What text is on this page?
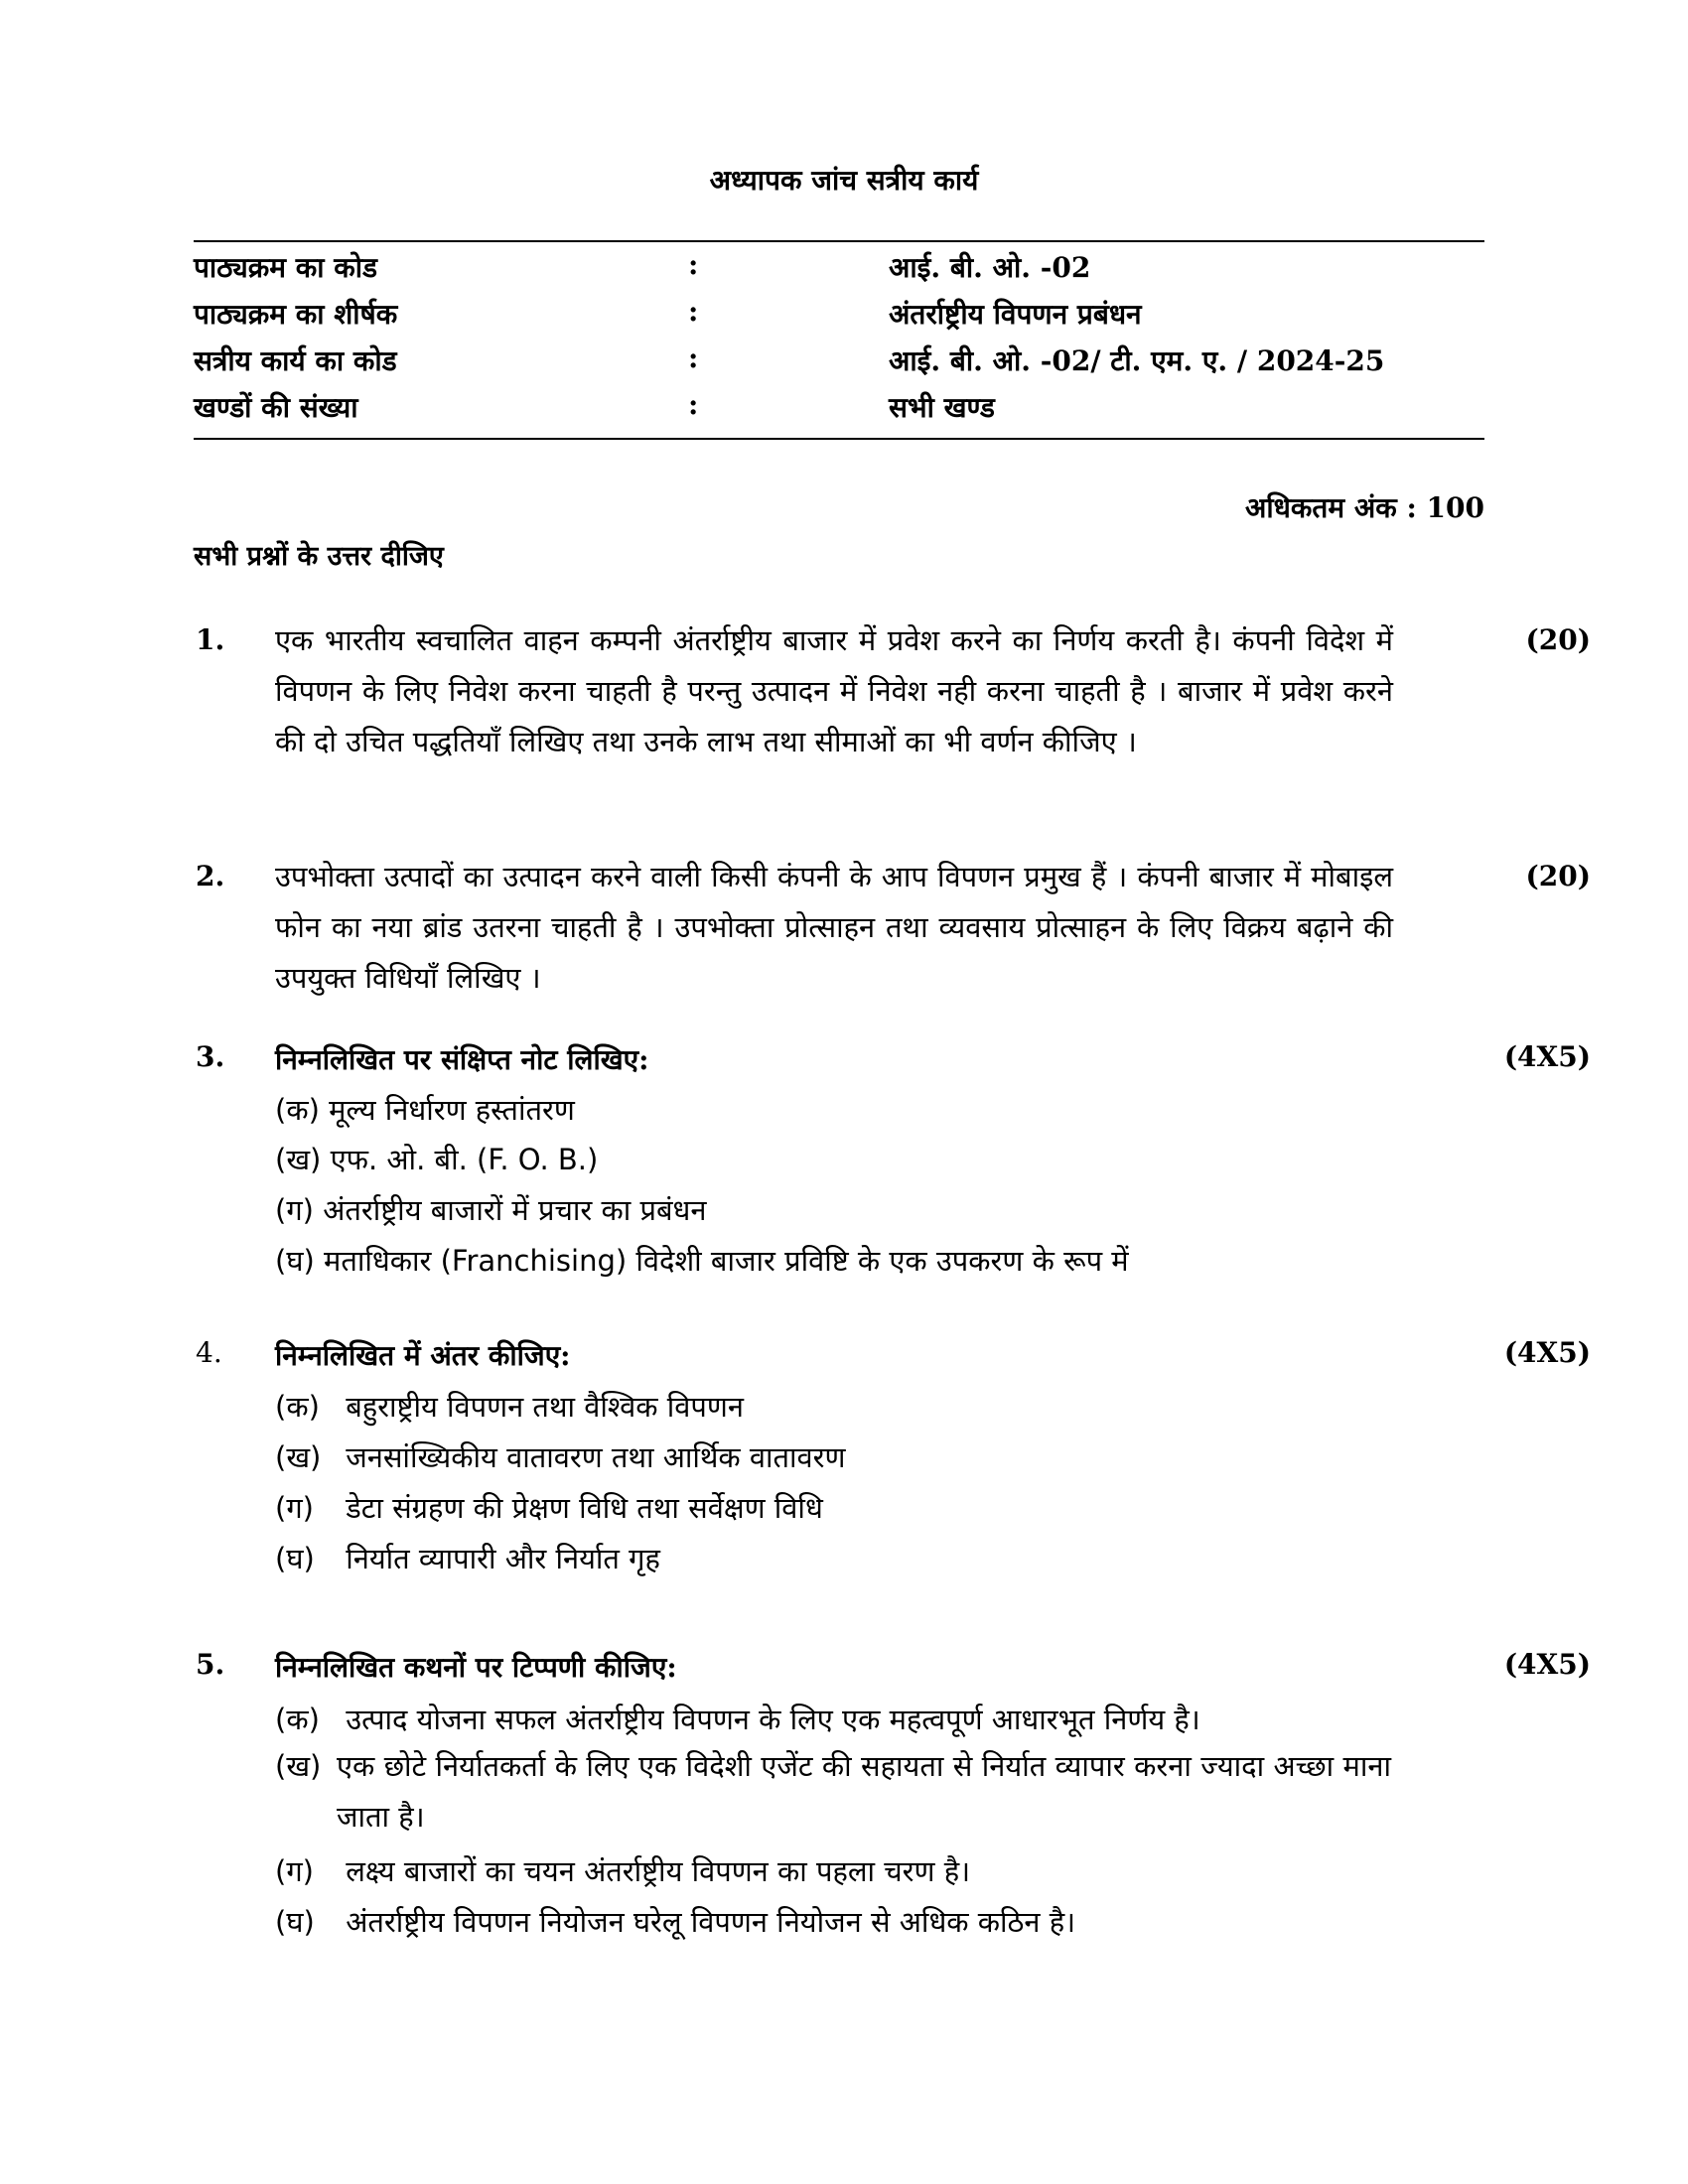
अध्यापक जांच सत्रीय कार्य
पाठ्यक्रम का कोड	:	आई. बी. ओ. -02
पाठ्यक्रम का शीर्षक	:	अंतर्राष्ट्रीय विपणन प्रबंधन
सत्रीय कार्य का कोड	:	आई. बी. ओ. -02/ टी. एम. ए. / 2024-25
खण्डों की संख्या	:	सभी खण्ड
अधिकतम अंक : 100
सभी प्रश्नों के उत्तर दीजिए
1.	(20)

एक भारतीय स्वचालित वाहन कम्पनी अंतर्राष्ट्रीय बाजार में प्रवेश करने का निर्णय करती है। कंपनी विदेश में विपणन के लिए निवेश करना चाहती है परन्तु उत्पादन में निवेश नही करना चाहती है । बाजार में प्रवेश करने की दो उचित पद्धतियाँ लिखिए तथा उनके लाभ तथा सीमाओं का भी वर्णन कीजिए ।

2.	(20)

उपभोक्ता उत्पादों का उत्पादन करने वाली किसी कंपनी के आप विपणन प्रमुख हैं । कंपनी बाजार में मोबाइल फोन का नया ब्रांड उतरना चाहती है । उपभोक्ता प्रोत्साहन तथा व्यवसाय प्रोत्साहन के लिए विक्रय बढ़ाने की उपयुक्त विधियाँ लिखिए ।

3.	(4X5)
निम्नलिखित पर संक्षिप्त नोट लिखिए:
(क) मूल्य निर्धारण हस्तांतरण
(ख) एफ. ओ. बी. (F. O. B.)
(ग) अंतर्राष्ट्रीय बाजारों में प्रचार का प्रबंधन
(घ) मताधिकार (Franchising) विदेशी बाजार प्रविष्टि के एक उपकरण के रूप में
4.	(4X5)
निम्नलिखित में अंतर कीजिए:
(क) बहुराष्ट्रीय विपणन तथा वैश्विक विपणन
(ख) जनसांख्यिकीय वातावरण तथा आर्थिक वातावरण
(ग) डेटा संग्रहण की प्रेक्षण विधि तथा सर्वेक्षण विधि
(घ) निर्यात व्यापारी और निर्यात गृह
5.	(4X5)
निम्नलिखित कथनों पर टिप्पणी कीजिए:
(क) उत्पाद योजना सफल अंतर्राष्ट्रीय विपणन के लिए एक महत्वपूर्ण आधारभूत निर्णय है।
(ख) एक छोटे निर्यातकर्ता के लिए एक विदेशी एजेंट की सहायता से निर्यात व्यापार करना ज्यादा अच्छा माना जाता है।
(ग) लक्ष्य बाजारों का चयन अंतर्राष्ट्रीय विपणन का पहला चरण है।
(घ) अंतर्राष्ट्रीय विपणन नियोजन घरेलू विपणन नियोजन से अधिक कठिन है।
